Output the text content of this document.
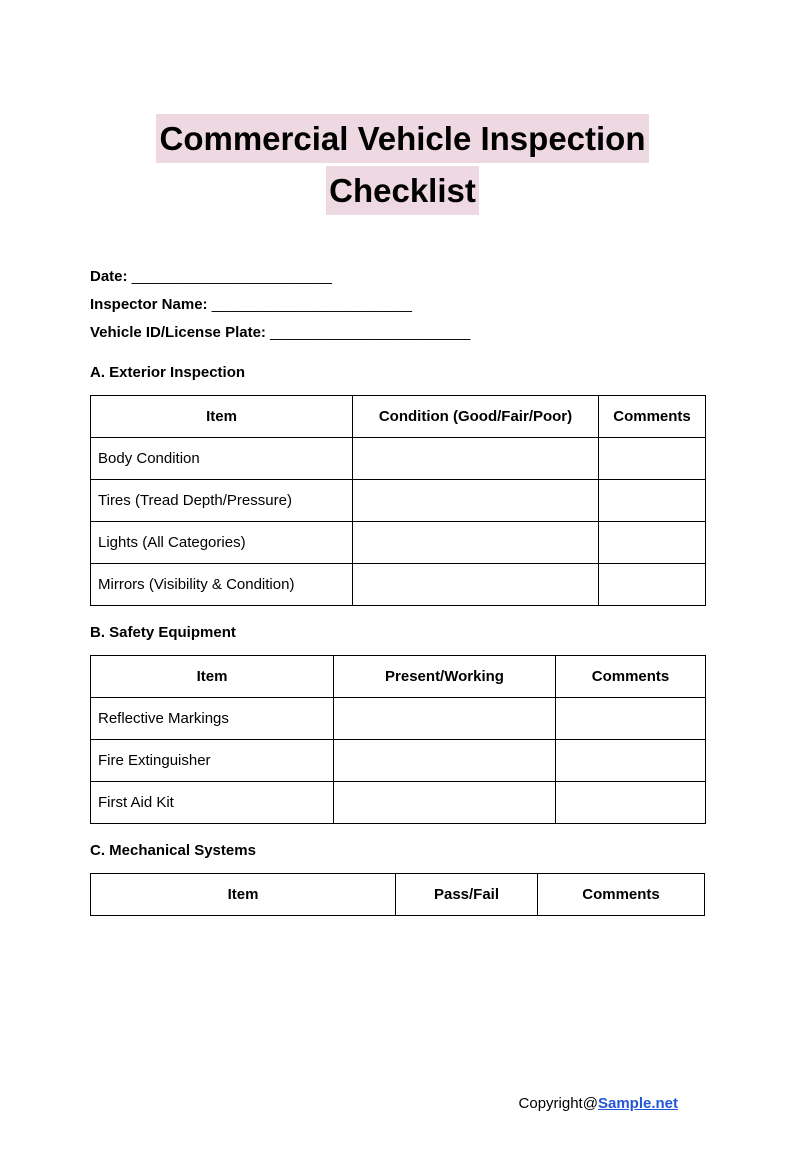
Commercial Vehicle Inspection Checklist
Date: ________________________
Inspector Name: ________________________
Vehicle ID/License Plate: ________________________
A. Exterior Inspection
Item	Condition (Good/Fair/Poor)	Comments
Body Condition		
Tires (Tread Depth/Pressure)		
Lights (All Categories)		
Mirrors (Visibility & Condition)		
B. Safety Equipment
Item	Present/Working	Comments
Reflective Markings		
Fire Extinguisher		
First Aid Kit		
C. Mechanical Systems
Item	Pass/Fail	Comments
Copyright@Sample.net
